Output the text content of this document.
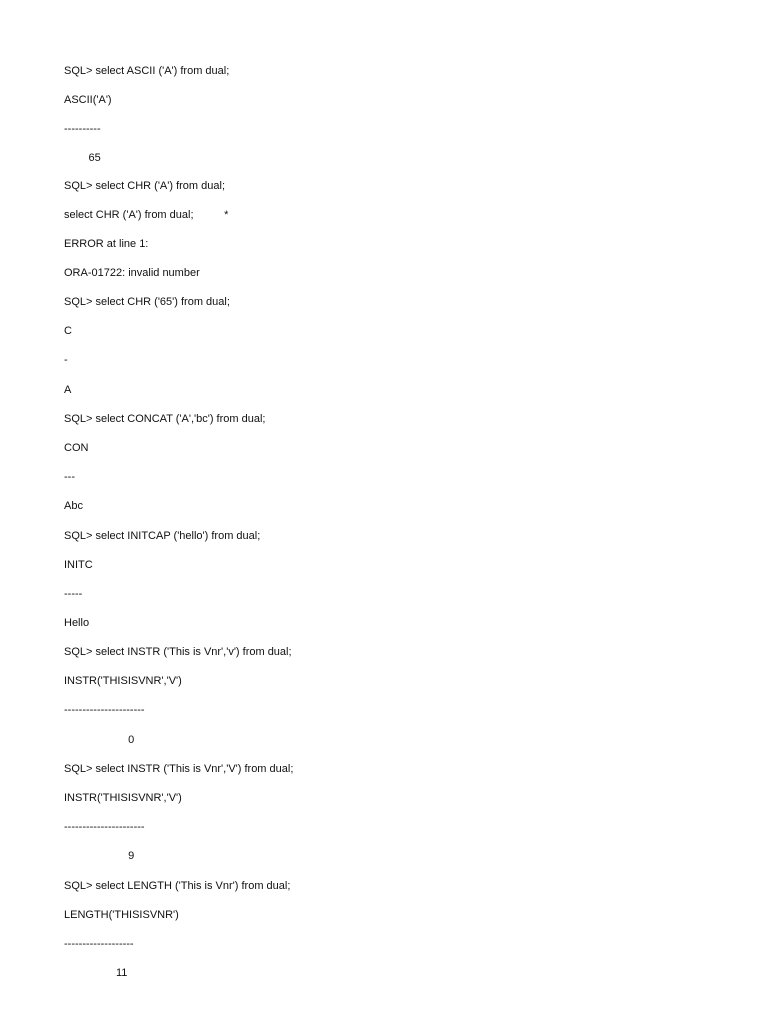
SQL> select ASCII ('A') from dual;
ASCII('A')
----------
65
SQL> select CHR ('A') from dual;
select CHR ('A') from dual;          *
ERROR at line 1:
ORA-01722: invalid number
SQL> select CHR ('65') from dual;
C
-
A
SQL> select CONCAT ('A','bc') from dual;
CON
---
Abc
SQL> select INITCAP ('hello') from dual;
INITC
-----
Hello
SQL> select INSTR ('This is Vnr','v') from dual;
INSTR('THISISVNR','V')
----------------------
0
SQL> select INSTR ('This is Vnr','V') from dual;
INSTR('THISISVNR','V')
----------------------
9
SQL> select LENGTH ('This is Vnr') from dual;
LENGTH('THISISVNR')
-------------------
11
